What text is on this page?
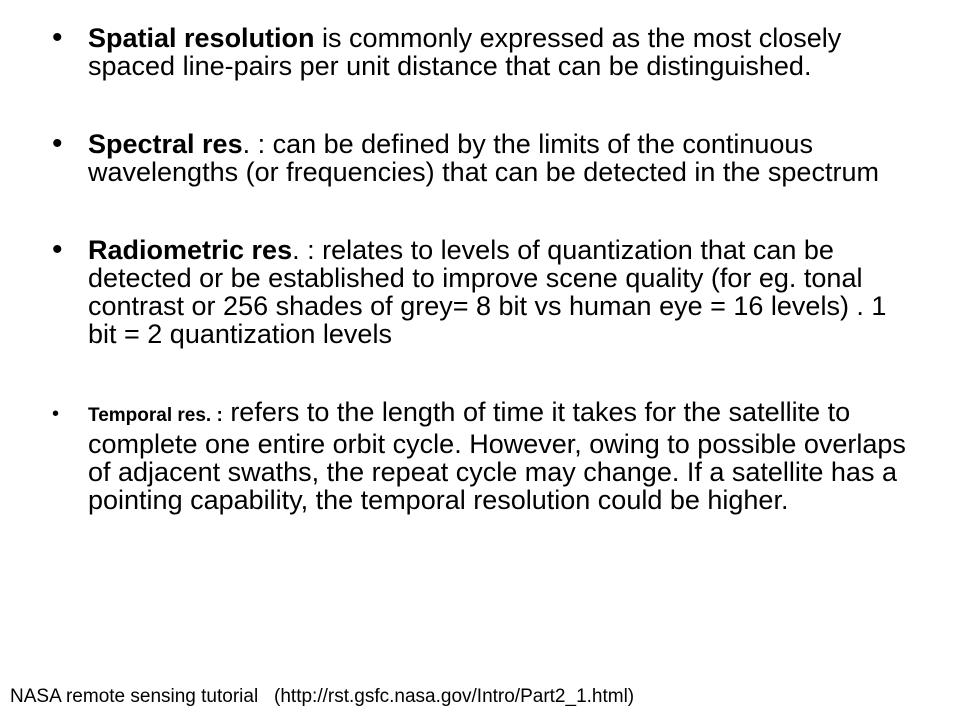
• Spatial resolution is commonly expressed as the most closely spaced line-pairs per unit distance that can be distinguished.
• Spectral res. : can be defined by the limits of the continuous wavelengths (or frequencies) that can be detected in the spectrum
• Radiometric res. : relates to levels of quantization that can be detected or be established to improve scene quality (for eg. tonal contrast or 256 shades of grey= 8 bit vs human eye = 16 levels) . 1 bit = 2 quantization levels
• Temporal res. : refers to the length of time it takes for the satellite to complete one entire orbit cycle. However, owing to possible overlaps of adjacent swaths, the repeat cycle may change. If a satellite has a pointing capability, the temporal resolution could be higher.
NASA remote sensing tutorial (http://rst.gsfc.nasa.gov/Intro/Part2_1.html)
